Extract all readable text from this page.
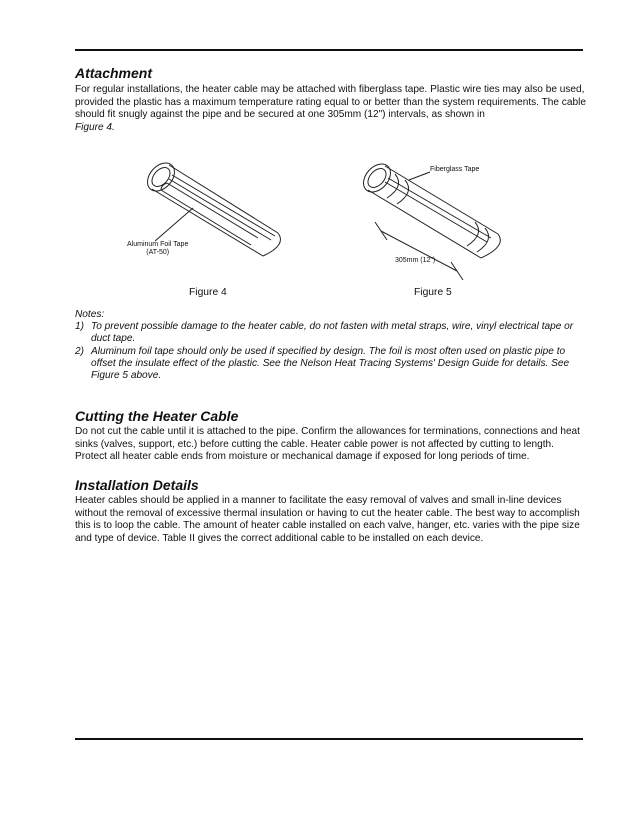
Attachment

For regular installations, the heater cable may be attached with fiberglass tape. Plastic wire ties may also be used, provided the plastic has a maximum temperature rating equal to or better than the system requirements. The cable should fit snugly against the pipe and be secured at one 305mm (12") intervals, as shown in
Figure 4.

Aluminum Foil Tape
(AT-50)
Fiberglass Tape
305mm (12")
Figure 4	Figure 5
Notes:
1) To prevent possible damage to the heater cable, do not fasten with metal straps, wire, vinyl electrical tape or duct tape.
2) Aluminum foil tape should only be used if specified by design. The foil is most often used on plastic pipe to offset the insulate effect of the plastic. See the Nelson Heat Tracing Systems' Design Guide for details. See Figure 5 above.
Cutting the Heater Cable

Do not cut the cable until it is attached to the pipe. Confirm the allowances for terminations, connections and heat sinks (valves, support, etc.) before cutting the cable. Heater cable power is not affected by cutting to length. Protect all heater cable ends from moisture or mechanical damage if exposed for long periods of time.

Installation Details

Heater cables should be applied in a manner to facilitate the easy removal of valves and small in-line devices without the removal of excessive thermal insulation or having to cut the heater cable. The best way to accomplish this is to loop the cable. The amount of heater cable installed on each valve, hanger, etc. varies with the pipe size and type of device. Table II gives the correct additional cable to be installed on each device.
